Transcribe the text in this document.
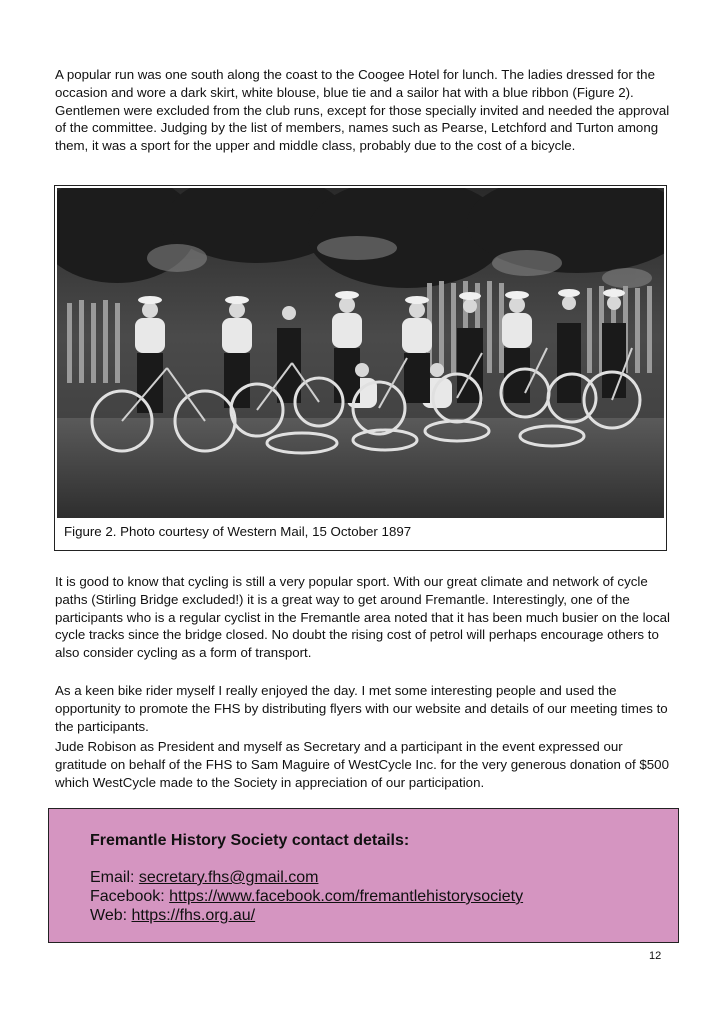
A popular run was one south along the coast to the Coogee Hotel for lunch. The ladies dressed for the occasion and wore a dark skirt, white blouse, blue tie and a sailor hat with a blue ribbon (Figure 2). Gentlemen were excluded from the club runs, except for those specially invited and needed the approval of the committee. Judging by the list of members, names such as Pearse, Letchford and Turton among them, it was a sport for the upper and middle class, probably due to the cost of a bicycle.

Figure 2. Photo courtesy of Western Mail, 15 October 1897

It is good to know that cycling is still a very popular sport. With our great climate and network of cycle paths (Stirling Bridge excluded!) it is a great way to get around Fremantle. Interestingly, one of the participants who is a regular cyclist in the Fremantle area noted that it has been much busier on the local cycle tracks since the bridge closed. No doubt the rising cost of petrol will perhaps encourage others to also consider cycling as a form of transport.

As a keen bike rider myself I really enjoyed the day. I met some interesting people and used the opportunity to promote the FHS by distributing flyers with our website and details of our meeting times to the participants.

Jude Robison as President and myself as Secretary and a participant in the event expressed our gratitude on behalf of the FHS to Sam Maguire of WestCycle Inc. for the very generous donation of $500 which WestCycle made to the Society in appreciation of our participation.

Fremantle History Society contact details:
Email: secretary.fhs@gmail.com
Facebook: https://www.facebook.com/fremantlehistorysociety
Web: https://fhs.org.au/
12
